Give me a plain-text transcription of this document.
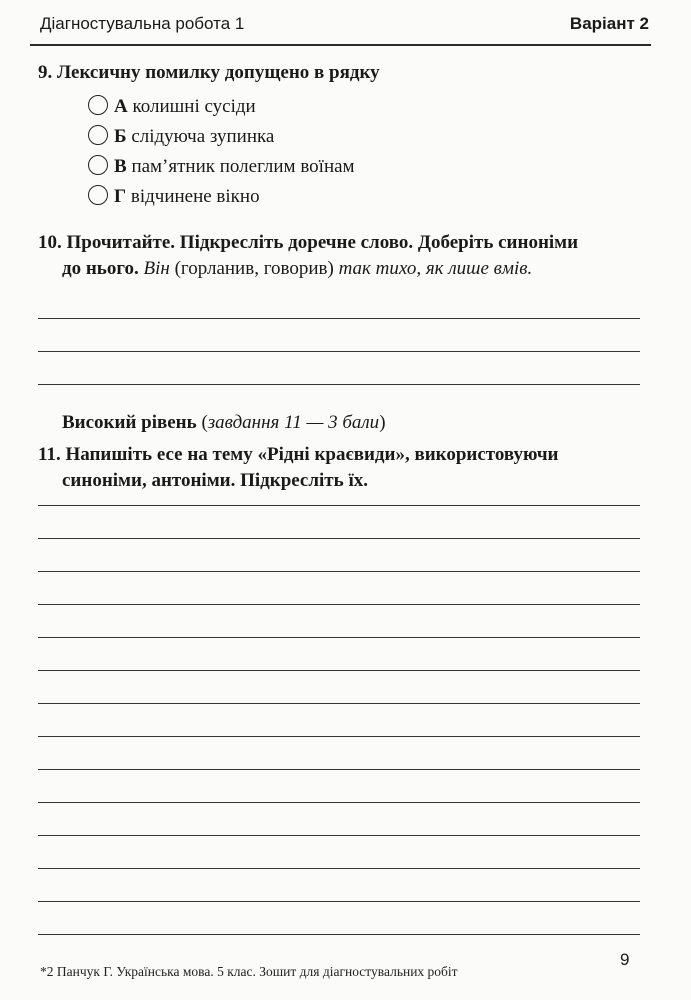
Діагностувальна робота 1	Варіант 2
9. Лексичну помилку допущено в рядку
А колишні сусіди
Б слідуюча зупинка
В пам’ятник полеглим воїнам
Г відчинене вікно
10. Прочитайте. Підкресліть доречне слово. Доберіть синоніми
до нього. Він (горланив, говорив) так тихо, як лише вмів.
Високий рівень (завдання 11 — 3 бали)
11. Напишіть есе на тему «Рідні краєвиди», використовуючи
синоніми, антоніми. Підкресліть їх.
*2 Панчук Г. Українська мова. 5 клас. Зошит для діагностувальних робіт
9
